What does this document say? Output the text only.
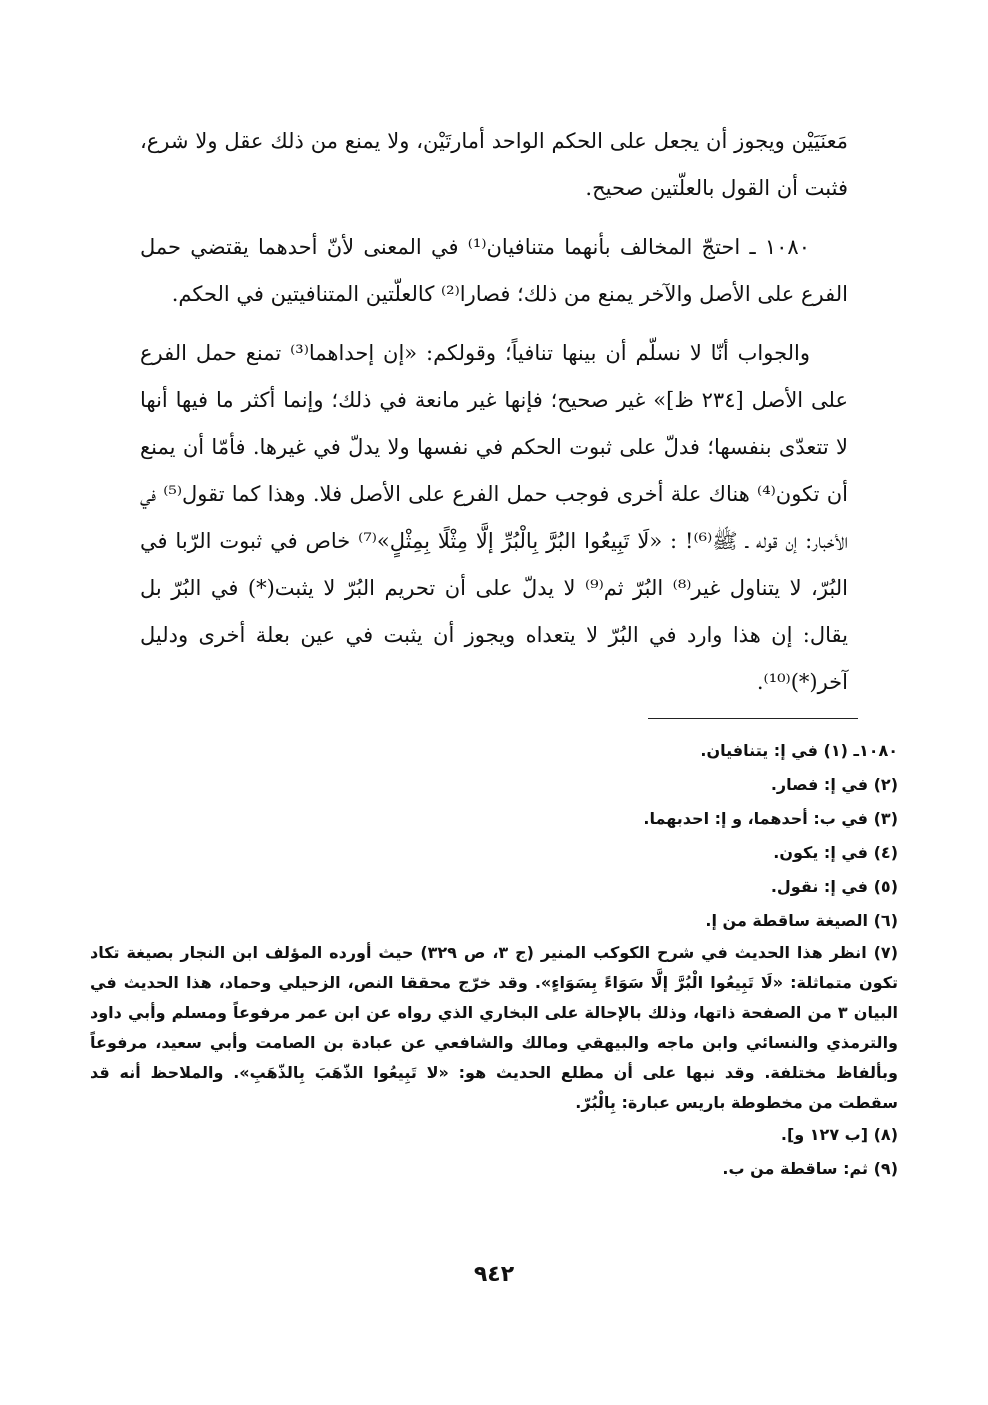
مَعنَيَيْن ويجوز أن يجعل على الحكم الواحد أمارتَيْن، ولا يمنع من ذلك عقل ولا شرع، فثبت أن القول بالعلّتين صحيح.

١٠٨٠ ـ احتجّ المخالف بأنهما متنافيان⁽¹⁾ في المعنى لأنّ أحدهما يقتضي حمل الفرع على الأصل والآخر يمنع من ذلك؛ فصارا⁽²⁾ كالعلّتين المتنافيتين في الحكم.

والجواب أنّا لا نسلّم أن بينها تنافياً؛ وقولكم: «إن إحداهما⁽³⁾ تمنع حمل الفرع على الأصل [٢٣٤ ظ]» غير صحيح؛ فإنها غير مانعة في ذلك؛ وإنما أكثر ما فيها أنها لا تتعدّى بنفسها؛ فدلّ على ثبوت الحكم في نفسها ولا يدلّ في غيرها. فأمّا أن يمنع أن تكون⁽⁴⁾ هناك علة أخرى فوجب حمل الفرع على الأصل فلا. وهذا كما تقول⁽⁵⁾ في الأخبار: إن قوله ـ ﷺ⁽⁶⁾! : «لَا تَبِيعُوا البُرَّ بِالْبُرِّ إلَّا مِثْلًا بِمِثْلٍ»⁽⁷⁾ خاص في ثبوت الرّبا في البُرّ، لا يتناول غير⁽⁸⁾ البُرّ ثم⁽⁹⁾ لا يدلّ على أن تحريم البُرّ لا يثبت(*) في البُرّ بل يقال: إن هذا وارد في البُرّ لا يتعداه ويجوز أن يثبت في عين بعلة أخرى ودليل آخر(*)⁽¹⁰⁾.

١٠٨٠ـ (١) في إ: يتنافيان.

(٢) في إ: فصار.

(٣) في ب: أحدهما، و إ: احدبهما.

(٤) في إ: يكون.

(٥) في إ: نقول.

(٦) الصيغة ساقطة من إ.

(٧) انظر هذا الحديث في شرح الكوكب المنير (ج ٣، ص ٣٢٩) حيث أورده المؤلف ابن النجار بصيغة تكاد تكون متماثلة: «لَا تَبِيعُوا الْبُرَّ إلَّا سَوَاءً بِسَوَاءٍ». وقد خرّج محققا النص، الزحيلي وحماد، هذا الحديث في البيان ٣ من الصفحة ذاتها، وذلك بالإحالة على البخاري الذي رواه عن ابن عمر مرفوعاً ومسلم وأبي داود والترمذي والنسائي وابن ماجه والبيهقي ومالك والشافعي عن عبادة بن الصامت وأبي سعيد، مرفوعاً وبألفاظ مختلفة. وقد نبها على أن مطلع الحديث هو: «لا تَبِيعُوا الذّهَبَ بِالذّهَبِ». والملاحظ أنه قد سقطت من مخطوطة باريس عبارة: بِالْبُرّ.

(٨) [ب ١٢٧ و].

(٩) ثم: ساقطة من ب.

٩٤٢
